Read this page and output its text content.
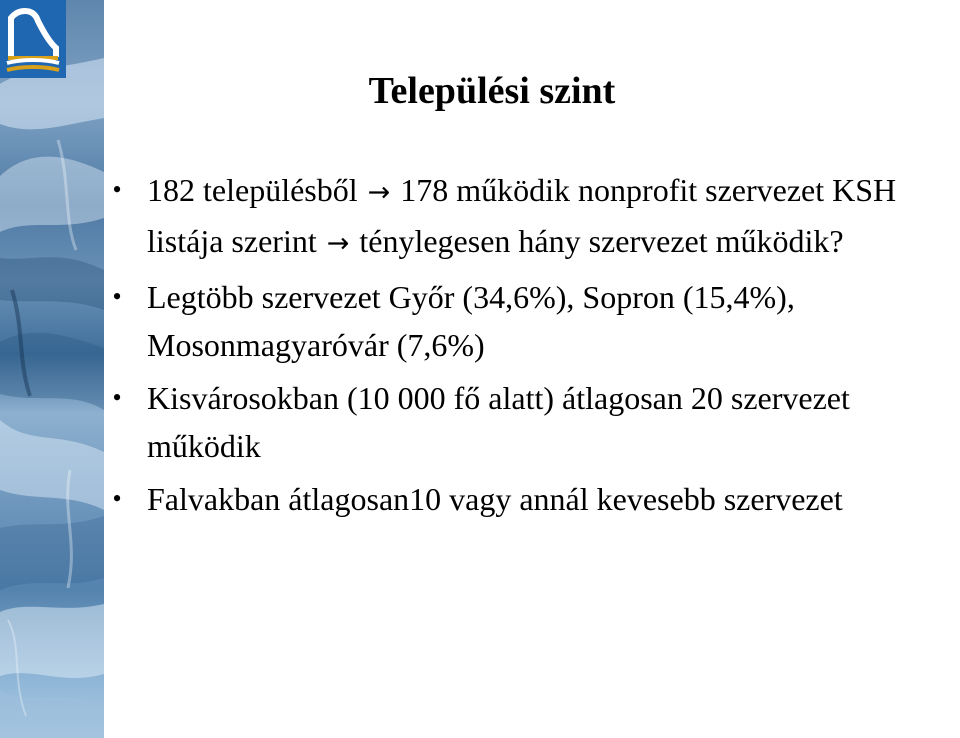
Települési szint
• 182 településből → 178 működik nonprofit szervezet KSH listája szerint → ténylegesen hány szervezet működik?
• Legtöbb szervezet Győr (34,6%), Sopron (15,4%), Mosonmagyaróvár (7,6%)
• Kisvárosokban (10 000 fő alatt) átlagosan 20 szervezet működik
• Falvakban átlagosan10 vagy annál kevesebb szervezet
